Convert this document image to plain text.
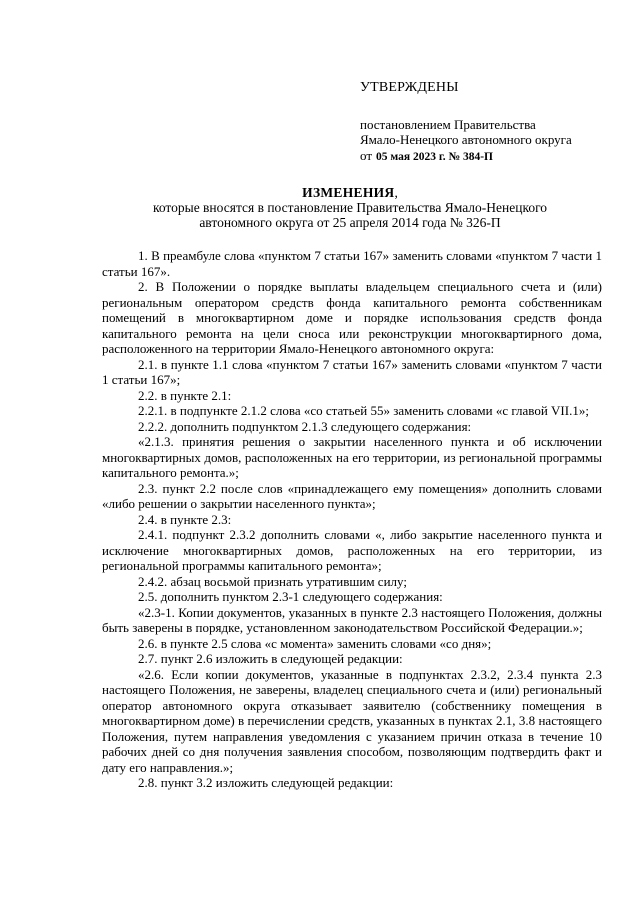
УТВЕРЖДЕНЫ
постановлением Правительства
Ямало-Ненецкого автономного округа
от 05 мая 2023 г. № 384-П
ИЗМЕНЕНИЯ,
которые вносятся в постановление Правительства Ямало-Ненецкого
автономного округа от 25 апреля 2014 года № 326-П

1. В преамбуле слова «пунктом 7 статьи 167» заменить словами «пунктом 7 части 1 статьи 167».

2. В Положении о порядке выплаты владельцем специального счета и (или) региональным оператором средств фонда капитального ремонта собственникам помещений в многоквартирном доме и порядке использования средств фонда капитального ремонта на цели сноса или реконструкции многоквартирного дома, расположенного на территории Ямало-Ненецкого автономного округа:

2.1. в пункте 1.1 слова «пунктом 7 статьи 167» заменить словами «пунктом 7 части 1 статьи 167»;

2.2. в пункте 2.1:

2.2.1. в подпункте 2.1.2 слова «со статьей 55» заменить словами «с главой VII.1»;

2.2.2. дополнить подпунктом 2.1.3 следующего содержания:

«2.1.3. принятия решения о закрытии населенного пункта и об исключении многоквартирных домов, расположенных на его территории, из региональной программы капитального ремонта.»;

2.3. пункт 2.2 после слов «принадлежащего ему помещения» дополнить словами «либо решении о закрытии населенного пункта»;

2.4. в пункте 2.3:

2.4.1. подпункт 2.3.2 дополнить словами «, либо закрытие населенного пункта и исключение многоквартирных домов, расположенных на его территории, из региональной программы капитального ремонта»;

2.4.2. абзац восьмой признать утратившим силу;

2.5. дополнить пунктом 2.3-1 следующего содержания:

«2.3-1. Копии документов, указанных в пункте 2.3 настоящего Положения, должны быть заверены в порядке, установленном законодательством Российской Федерации.»;

2.6. в пункте 2.5 слова «с момента» заменить словами «со дня»;

2.7. пункт 2.6 изложить в следующей редакции:

«2.6. Если копии документов, указанные в подпунктах 2.3.2, 2.3.4 пункта 2.3 настоящего Положения, не заверены, владелец специального счета и (или) региональный оператор автономного округа отказывает заявителю (собственнику помещения в многоквартирном доме) в перечислении средств, указанных в пунктах 2.1, 3.8 настоящего Положения, путем направления уведомления с указанием причин отказа в течение 10 рабочих дней со дня получения заявления способом, позволяющим подтвердить факт и дату его направления.»;

2.8. пункт 3.2 изложить следующей редакции:
